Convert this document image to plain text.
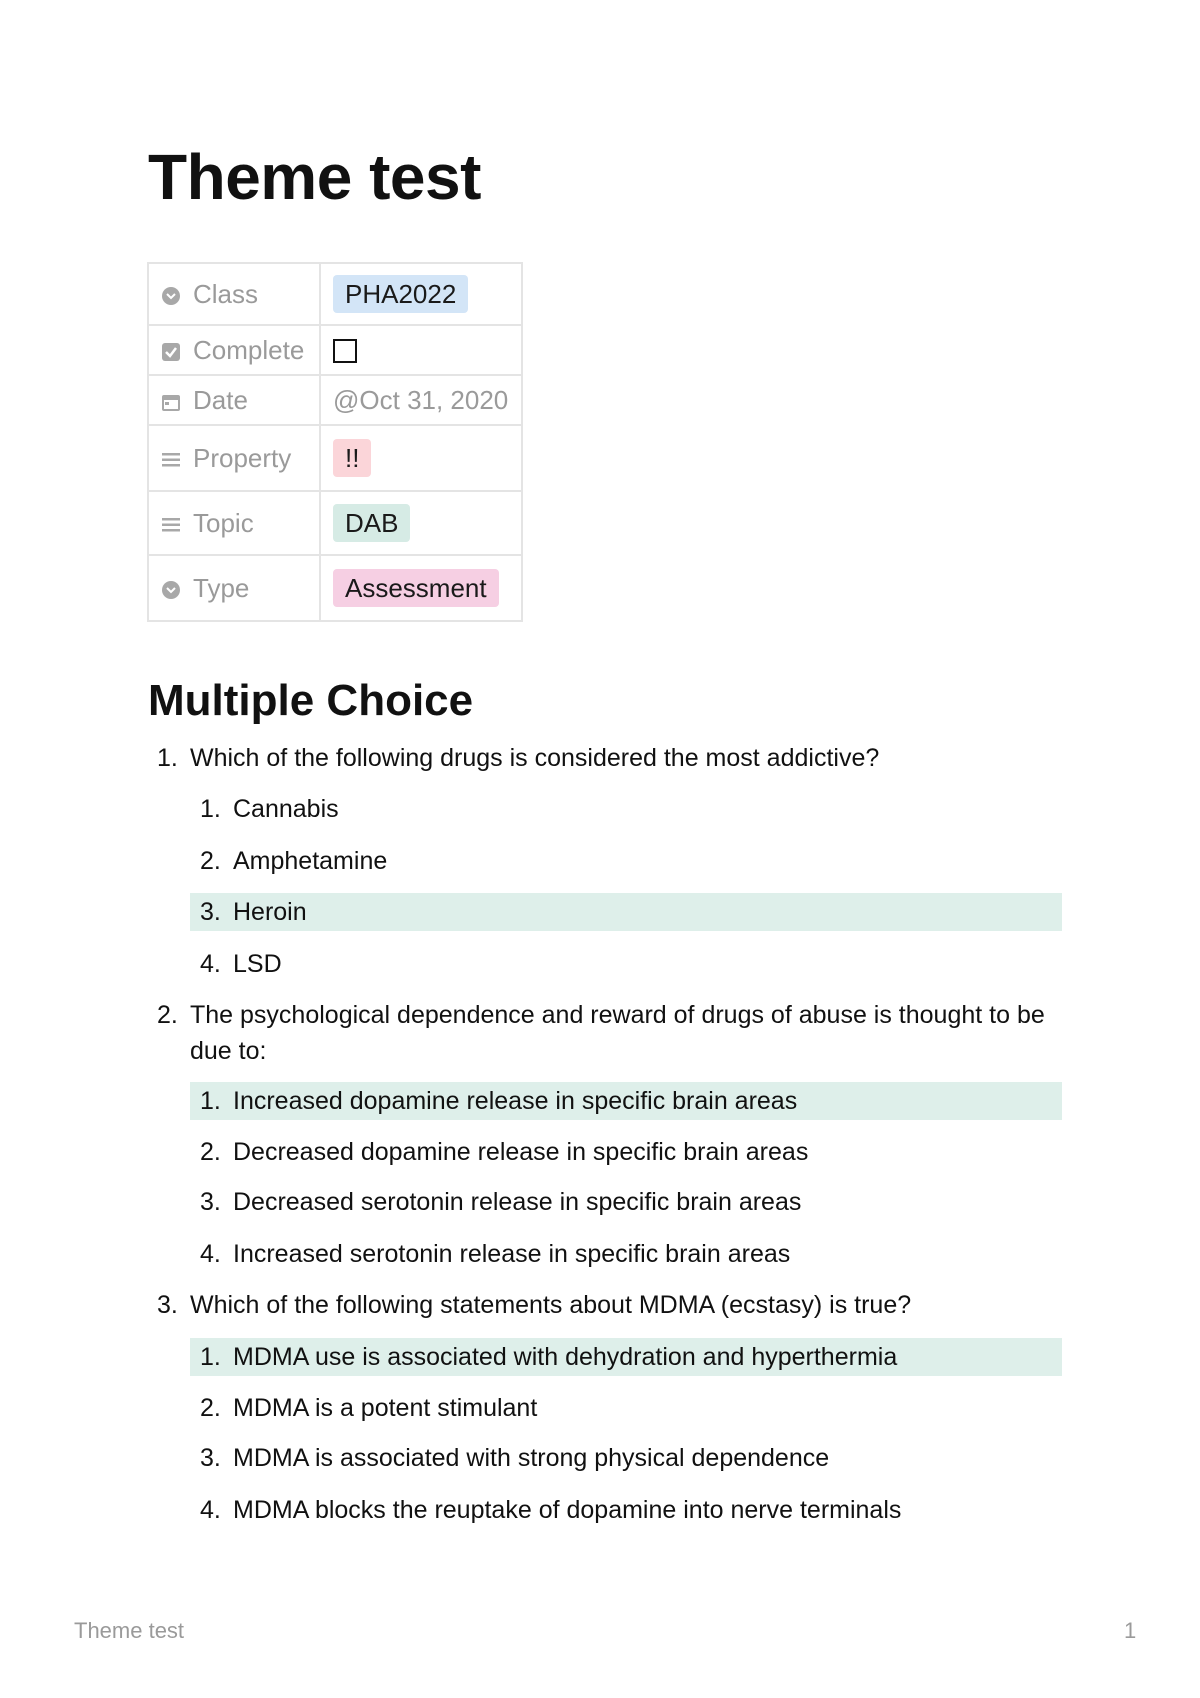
Theme test
Class	PHA2022
Complete	
Date	@Oct 31, 2020
Property	!!
Topic	DAB
Type	Assessment
Multiple Choice
1. Which of the following drugs is considered the most addictive?
1. Cannabis
2. Amphetamine
3. Heroin
4. LSD
2. The psychological dependence and reward of drugs of abuse is thought to be due to:
1. Increased dopamine release in specific brain areas
2. Decreased dopamine release in specific brain areas
3. Decreased serotonin release in specific brain areas
4. Increased serotonin release in specific brain areas
3. Which of the following statements about MDMA (ecstasy) is true?
1. MDMA use is associated with dehydration and hyperthermia
2. MDMA is a potent stimulant
3. MDMA is associated with strong physical dependence
4. MDMA blocks the reuptake of dopamine into nerve terminals
Theme test	1
